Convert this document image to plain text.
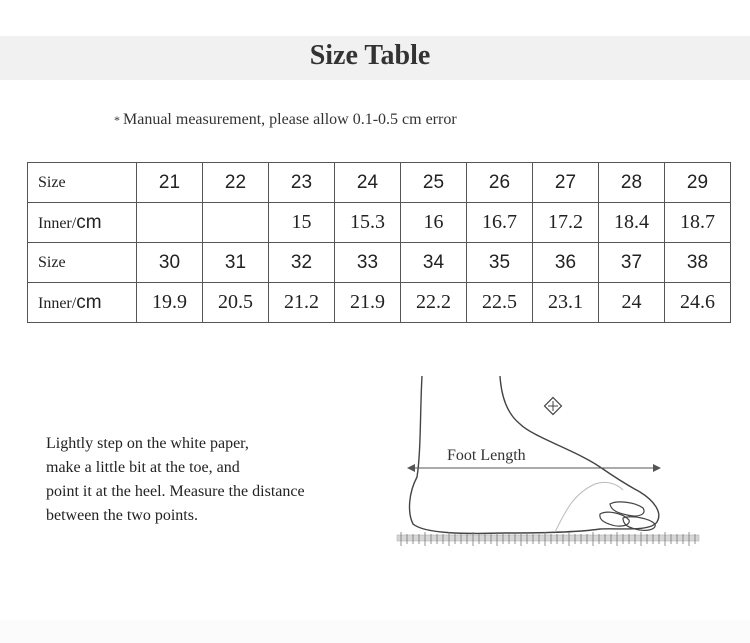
Size Table
* Manual measurement, please allow 0.1-0.5 cm error
Size	21	22	23	24	25	26	27	28	29
Inner/cm			15	15.3	16	16.7	17.2	18.4	18.7
Size	30	31	32	33	34	35	36	37	38
Inner/cm	19.9	20.5	21.2	21.9	22.2	22.5	23.1	24	24.6
Lightly step on the white paper,
make a little bit at the toe, and
point it at the heel. Measure the distance
between the two points.
Foot Length
